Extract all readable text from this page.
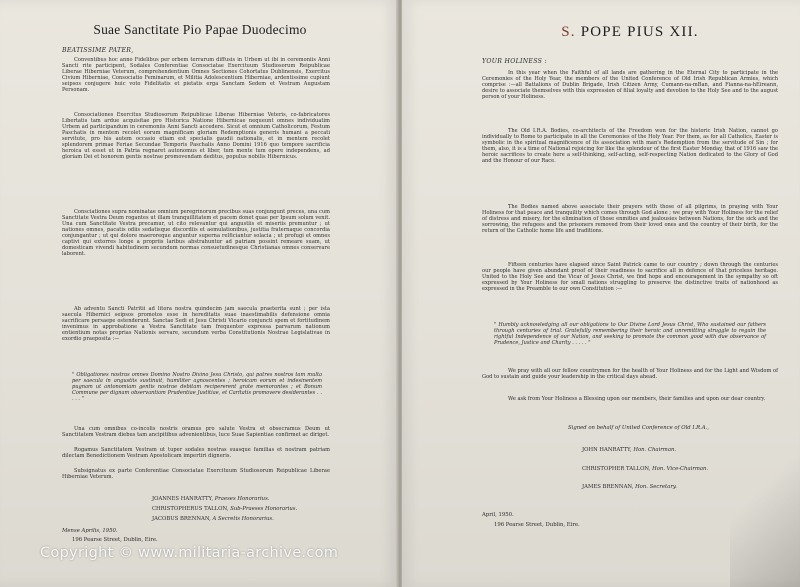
Suae Sanctitate Pio Papae Duodecimo
BEATISSIME PATER,
Conventibus hoc anno Fidelibus per orbem terrarum diffusis in Urbem ut ibi in ceremoniis Anni Sancti rite participent, Sodales Conferentiae Consociatae Exercituum Studiosorum Reipublicae Liberae Hiberniae Veterum, comprehendentium Omnes Sectiones Cohortatus Dublinensis, Exercitus Civium Hiberniae, Consociatio Feminarum, et Militia Adolescentium Hiberniae, ardentissime cupiunt seipsos conjugere huic voto Fidelitatis et pietatis erga Sanctam Sedem et Vestram Augustam Personam.
Consociationes Exercitus Studiosorum Reipublicae Liberae Hiberniae Veteris, co-fabricatores Libertatis tam ardue acquisitae pro Historica Natione Hibernicae nequeunt omnes individuatim Urbem ad participandum in ceremoniis Anni Sancti accedere. Sicut et omnium Catholicorum, Festum Paschatis in mentem recolet eorum magnificam gloriam Redemptionis generis humani a peccati servitute, pro his autem occasio etiam est specialis gaudii nationalis, et in mentem recolet splendorem primae Feriae Secundae Temporis Paschalis Anno Domini 1916 quo tempore sacrificia heroica ut esset ut in Patria regnaret autonomus et liber, tum mente tum opere independens, ad gloriam Dei et honorem gentis nostrae promovendam deditus, populus nobilis Hibernicus.
Consciationes supra nominatae omnium peregrinorum precibus suas conjungunt preces, una cum Sanctitate Vestra Deum rogantes ut illam tranquillitatem et pacem donet quae per Ipsum solum venit. Una cum Sanctitate Vestra precamur, ut cito relevantur qui angustiis et miseriis premuntur ; ut nationes omnes, pacatis odiis sedatisque discordiis et aemulationibus, justitia fraternaque concordia conjungantur ; ut qui dolore maeroreque anguntur superna relficiantur solacia ; ut profugi et omnes captivi qui extorres longe a propriis laribus abstrahuntur ad patriam possint remeare suam, ut domesticam vivendi habitudinem secundum normas consuetudinesque Christianas omnes conservare laborent.
Ab adventu Sancti Patritii ad litora nostra quindecim jam saecula praeterita sunt ; per ista saecula Hibernici seipsos promotos esse in hereditatis suae inaestimabilis defensione omnia sacrificare persaepe ostenderunt. Sanctae Sedi et Jesu Christi Vicario conjuncti spem et fortitudinem invenimus in approbatione a Vestra Sanctitate tam frequenter expressa parvarum nationum entientium notas proprias Nationis servare, secundum verba Constitutionis Nostrae Legislativae in exordio praeposita :—
" Obligationes nostras omnes Domino Nostro Divino Jesu Christo, qui patres nostros tam multa per saecula in angustiis sustinuit, humiliter agnoscentes ; heroicam eorum et indesinentem pugnam ut antonomiam gentis nostrae debitam recipererent grate memorantes ; et Bonum Commune per dignam observantiam Prudentiae Justitiae, et Caritatis promovere desiderantes . . . . . "
Una cum omnibus co-incolis nostris oramus pro salute Vestra et obsecramus Deum ut Sanctitatem Vestram diebus tam ancipitibus advenientibus, luce Suae Sapientiae confirmet ac diriget.
Rogamus Sanctitatem Vestram ut tuper sodales nostras suasque familias et nostram patriam dilectam Benedictionem Vestram Apostolicam impertiri digneris.
Subsignatus ex parte Conferentiae Consociatae Exercituum Studiosorum Reipublicae Liberae Hiberniae Veterum.
JOANNES HANRATTY, Praeses Honorarius.
CHRISTOPHERUS TALLON, Sub-Praeses Honorarius.
JACOBUS BRENNAN, A Secretis Honorarius.
Mense Aprilis, 1950.
196 Pearse Street, Dublin, Eire.
S. POPE PIUS XII.
YOUR HOLINESS :
In this year when the Faithful of all lands are gathering in the Eternal City to participate in the Ceremonies of the Holy Year, the members of the United Conference of Old Irish Republican Armies, which comprise :—all Battalions of Dublin Brigade, Irish Citizen Army, Cumann-na-mBan, and Fianna-na-hEireann, desire to associate themselves with this expression of filial loyalty and devotion to the Holy See and to the august person of your Holiness.
The Old I.R.A. Bodies, co-architects of the Freedom won for the historic Irish Nation, cannot go individually to Rome to participate in all the Ceremonies of the Holy Year. For them, as for all Catholics, Easter is symbolic in the spiritual magnificence of its association with man's Redemption from the servitude of Sin ; for them, also, it is a time of National rejoicing for like the splendour of the first Easter Monday, that of 1916 saw the heroic sacrifices to create here a self-thinking, self-acting, self-respecting Nation dedicated to the Glory of God and the Honour of our Race.
The Bodies named above associate their prayers with those of all pilgrims, in praying with Your Holiness for that peace and tranquility which comes through God alone ; we pray with Your Holiness for the relief of distress and misery, for the elimination of those enmities and jealousies between Nations, for the sick and the sorrowing, the refugees and the prisoners removed from their loved ones and the country of their birth, for the return of the Catholic home life and traditions.
Fifteen centuries have elapsed since Saint Patrick came to our country ; down through the centuries our people have given abundant proof of their readiness to sacrifice all in defence of that priceless heritage. United to the Holy See and the Vicar of Jesus Christ, we find hope and encouragement in the sympathy so oft expressed by Your Holiness for small nations struggling to preserve the distinctive traits of nationhood as expressed in the Preamble to our own Constitution :—
" Humbly acknowledging all our obligations to Our Divine Lord Jesus Christ, Who sustained our fathers through centuries of trial. Gratefully remembering their heroic and unremitting struggle to regain the rightful Independence of our Nation, and seeking to promote the common good with due observance of Prudence, Justice and Charity . . . . . "
We pray with all our fellow countrymen for the health of Your Holiness and for the Light and Wisdom of God to sustain and guide your leadership in the critical days ahead.
We ask from Your Holiness a Blessing upon our members, their families and upon our dear country.
Signed on behalf of United Conference of Old I.R.A.,
JOHN HANRATTY, Hon. Chairman.
CHRISTOPHER TALLON, Hon. Vice-Chairman.
JAMES BRENNAN, Hon. Secretary.
April, 1950.
196 Pearse Street, Dublin, Eire.
Copyright © www.militaria-archive.com
